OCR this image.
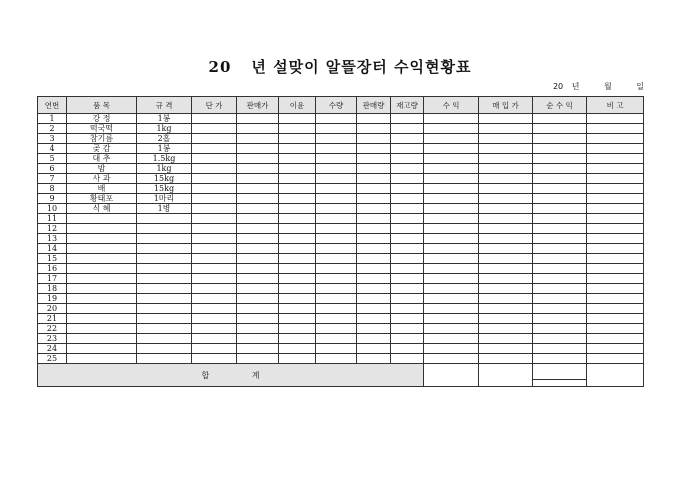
20 년 설맞이 알뜰장터 수익현황표
20 년	월	일
연번	품 목	규 격	단 가	판매가	이윤	수량	판매량	재고량	수 익	매 입 가	순 수 익	비 고
1	강 정	1봉										
2	떡국떡	1kg										
3	참기름	2홉										
4	곶 감	1봉										
5	대 추	1.5kg										
6	밤	1kg										
7	사 과	15kg										
8	배	15kg										
9	황태포	1마리										
10	식 혜	1병										
11												
12												
13												
14												
15												
16												
17												
18												
19												
20												
21												
22												
23												
24												
25												
합 계											
